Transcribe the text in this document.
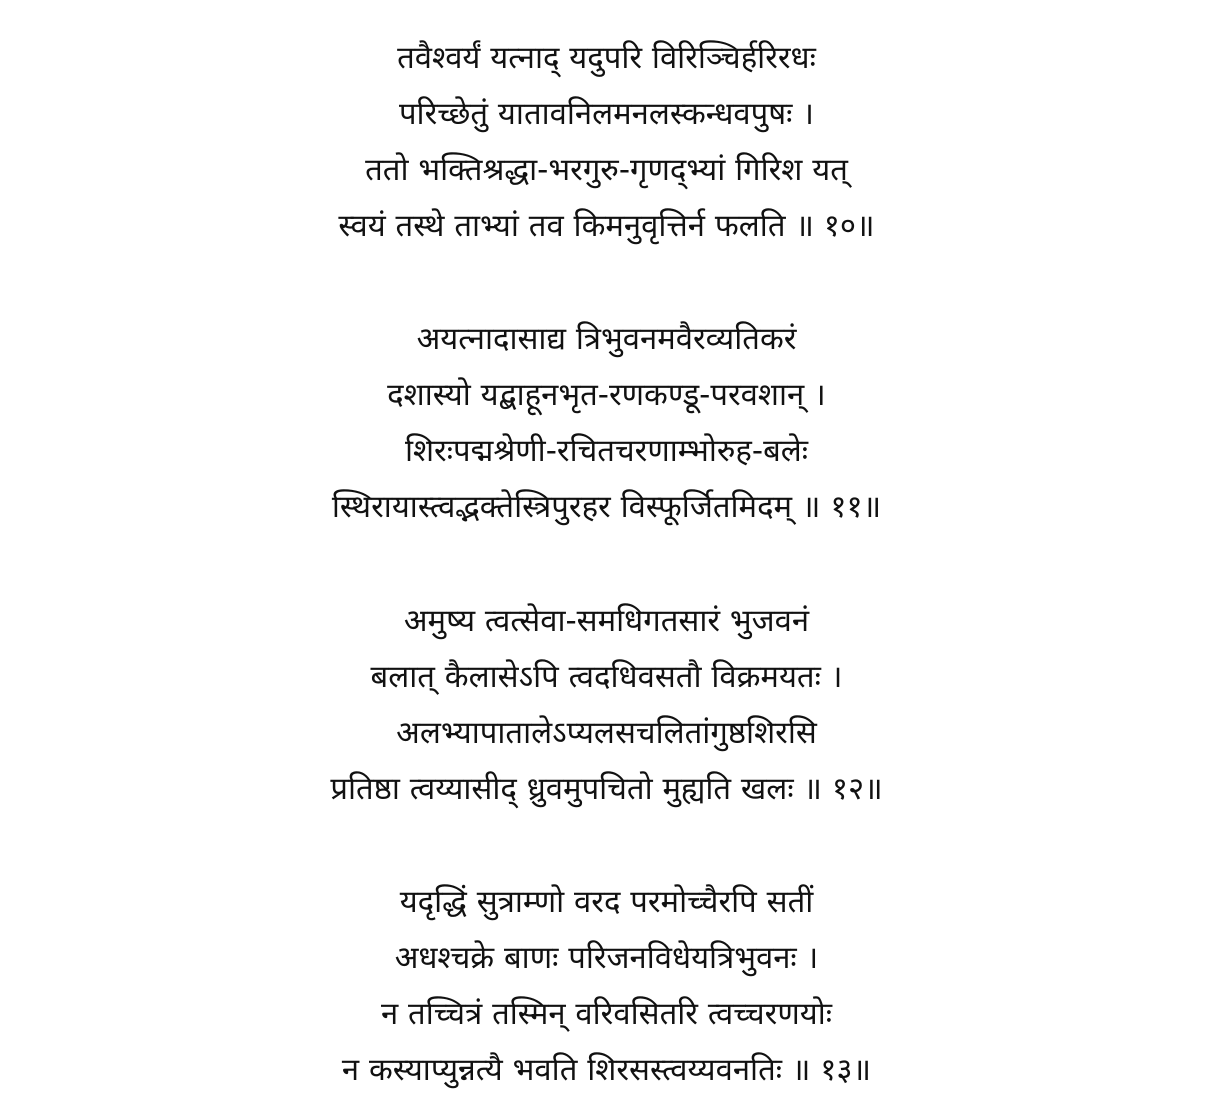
तवैश्वर्यं यत्नाद् यदुपरि विरिञ्चिर्हरिरधः
परिच्छेतुं यातावनिलमनलस्कन्धवपुषः ।
ततो भक्तिश्रद्धा-भरगुरु-गृणद्भ्यां गिरिश यत्
स्वयं तस्थे ताभ्यां तव किमनुवृत्तिर्न फलति ॥ १०॥
अयत्नादासाद्य त्रिभुवनमवैरव्यतिकरं
दशास्यो यद्बाहूनभृत-रणकण्डू-परवशान् ।
शिरःपद्मश्रेणी-रचितचरणाम्भोरुह-बलेः
स्थिरायास्त्वद्भक्तेस्त्रिपुरहर विस्फूर्जितमिदम् ॥ ११॥
अमुष्य त्वत्सेवा-समधिगतसारं भुजवनं
बलात् कैलासेऽपि त्वदधिवसतौ विक्रमयतः ।
अलभ्यापातालेऽप्यलसचलितांगुष्ठशिरसि
प्रतिष्ठा त्वय्यासीद् ध्रुवमुपचितो मुह्यति खलः ॥ १२॥
यदृद्धिं सुत्राम्णो वरद परमोच्चैरपि सतीं
अधश्चक्रे बाणः परिजनविधेयत्रिभुवनः ।
न तच्चित्रं तस्मिन् वरिवसितरि त्वच्चरणयोः
न कस्याप्युन्नत्यै भवति शिरसस्त्वय्यवनतिः ॥ १३॥
